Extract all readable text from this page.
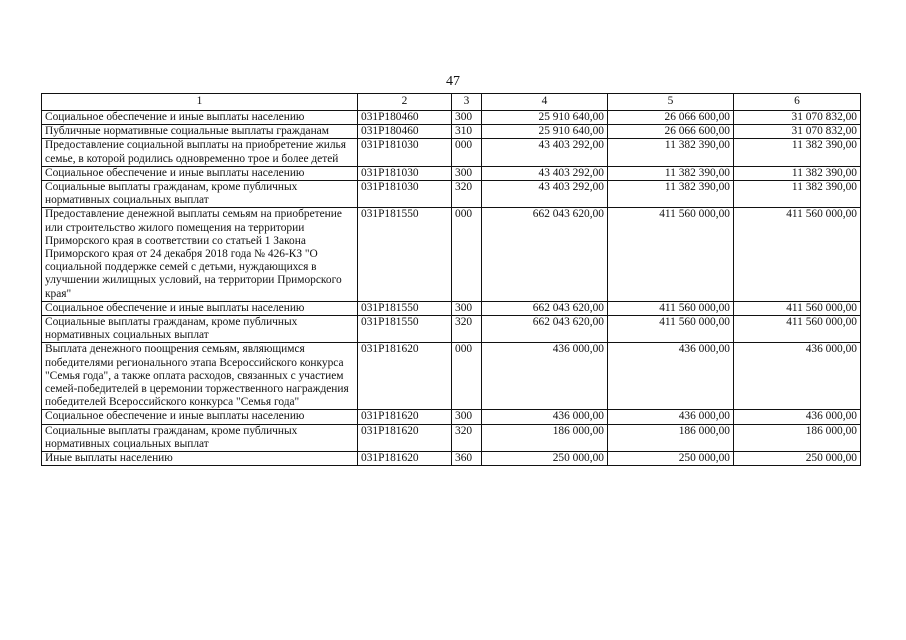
47
1	2	3	4	5	6
Социальное обеспечение и иные выплаты населению	031Р180460	300	25 910 640,00	26 066 600,00	31 070 832,00
Публичные нормативные социальные выплаты гражданам	031Р180460	310	25 910 640,00	26 066 600,00	31 070 832,00
Предоставление социальной выплаты на приобретение жилья семье, в которой родились одновременно трое и более детей	031Р181030	000	43 403 292,00	11 382 390,00	11 382 390,00
Социальное обеспечение и иные выплаты населению	031Р181030	300	43 403 292,00	11 382 390,00	11 382 390,00
Социальные выплаты гражданам, кроме публичных нормативных социальных выплат	031Р181030	320	43 403 292,00	11 382 390,00	11 382 390,00
Предоставление денежной выплаты семьям на приобретение или строительство жилого помещения на территории Приморского края в соответствии со статьей 1 Закона Приморского края от 24 декабря 2018 года № 426-КЗ "О социальной поддержке семей с детьми, нуждающихся в улучшении жилищных условий, на территории Приморского края"	031Р181550	000	662 043 620,00	411 560 000,00	411 560 000,00
Социальное обеспечение и иные выплаты населению	031Р181550	300	662 043 620,00	411 560 000,00	411 560 000,00
Социальные выплаты гражданам, кроме публичных нормативных социальных выплат	031Р181550	320	662 043 620,00	411 560 000,00	411 560 000,00
Выплата денежного поощрения семьям, являющимся победителями регионального этапа Всероссийского конкурса "Семья года", а также оплата расходов, связанных с участием семей-победителей в церемонии торжественного награждения победителей Всероссийского конкурса "Семья года"	031Р181620	000	436 000,00	436 000,00	436 000,00
Социальное обеспечение и иные выплаты населению	031Р181620	300	436 000,00	436 000,00	436 000,00
Социальные выплаты гражданам, кроме публичных нормативных социальных выплат	031Р181620	320	186 000,00	186 000,00	186 000,00
Иные выплаты населению	031Р181620	360	250 000,00	250 000,00	250 000,00
